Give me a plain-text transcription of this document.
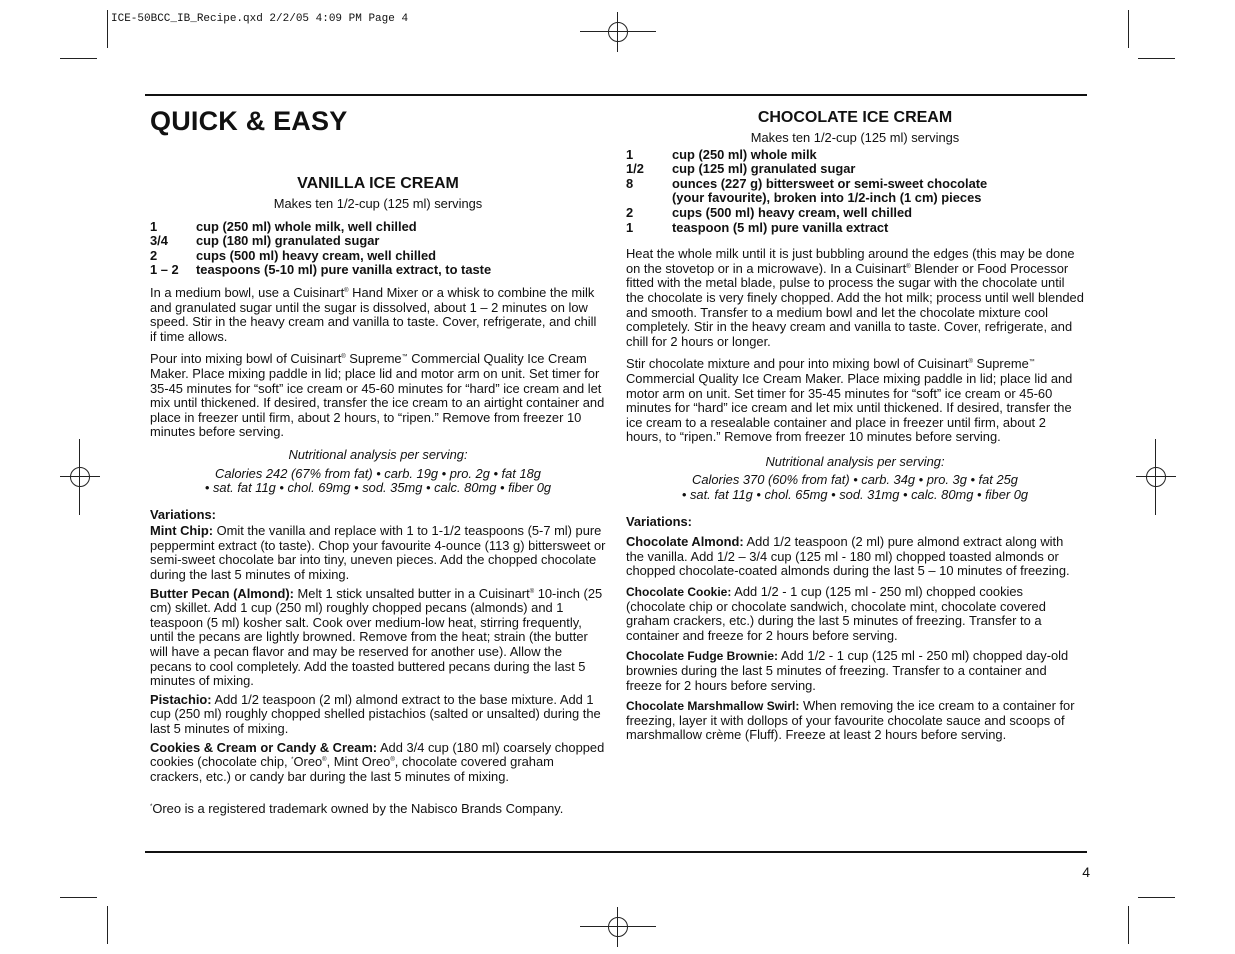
ICE-50BCC_IB_Recipe.qxd 2/2/05 4:09 PM Page 4
QUICK & EASY
VANILLA ICE CREAM
Makes ten 1/2-cup (125 ml) servings
1	cup (250 ml) whole milk, well chilled
3/4	cup (180 ml) granulated sugar
2	cups (500 ml) heavy cream, well chilled
1 – 2	teaspoons (5-10 ml) pure vanilla extract, to taste

In a medium bowl, use a Cuisinart® Hand Mixer or a whisk to combine the milk and granulated sugar until the sugar is dissolved, about 1 – 2 minutes on low speed. Stir in the heavy cream and vanilla to taste. Cover, refrigerate, and chill if time allows.

Pour into mixing bowl of Cuisinart® Supreme™ Commercial Quality Ice Cream Maker. Place mixing paddle in lid; place lid and motor arm on unit. Set timer for 35-45 minutes for “soft” ice cream or 45-60 minutes for “hard” ice cream and let mix until thickened. If desired, transfer the ice cream to an airtight container and place in freezer until firm, about 2 hours, to “ripen.” Remove from freezer 10 minutes before serving.

Nutritional analysis per serving:
Calories 242 (67% from fat) • carb. 19g • pro. 2g • fat 18g
• sat. fat 11g • chol. 69mg • sod. 35mg • calc. 80mg • fiber 0g
Variations:
Mint Chip: Omit the vanilla and replace with 1 to 1-1/2 teaspoons (5-7 ml) pure peppermint extract (to taste). Chop your favourite 4-ounce (113 g) bittersweet or semi-sweet chocolate bar into tiny, uneven pieces. Add the chopped chocolate during the last 5 minutes of mixing.
Butter Pecan (Almond): Melt 1 stick unsalted butter in a Cuisinart® 10-inch (25 cm) skillet. Add 1 cup (250 ml) roughly chopped pecans (almonds) and 1 teaspoon (5 ml) kosher salt. Cook over medium-low heat, stirring frequently, until the pecans are lightly browned. Remove from the heat; strain (the butter will have a pecan flavor and may be reserved for another use). Allow the pecans to cool completely. Add the toasted buttered pecans during the last 5 minutes of mixing.
Pistachio: Add 1/2 teaspoon (2 ml) almond extract to the base mixture. Add 1 cup (250 ml) roughly chopped shelled pistachios (salted or unsalted) during the last 5 minutes of mixing.
Cookies & Cream or Candy & Cream: Add 3/4 cup (180 ml) coarsely chopped cookies (chocolate chip, *Oreo®, Mint Oreo®, chocolate covered graham crackers, etc.) or candy bar during the last 5 minutes of mixing.
*Oreo is a registered trademark owned by the Nabisco Brands Company.
CHOCOLATE ICE CREAM
Makes ten 1/2-cup (125 ml) servings
1	cup (250 ml) whole milk
1/2	cup (125 ml) granulated sugar
8	ounces (227 g) bittersweet or semi-sweet chocolate (your favourite), broken into 1/2-inch (1 cm) pieces
2	cups (500 ml) heavy cream, well chilled
1	teaspoon (5 ml) pure vanilla extract

Heat the whole milk until it is just bubbling around the edges (this may be done on the stovetop or in a microwave). In a Cuisinart® Blender or Food Processor fitted with the metal blade, pulse to process the sugar with the chocolate until the chocolate is very finely chopped. Add the hot milk; process until well blended and smooth. Transfer to a medium bowl and let the chocolate mixture cool completely. Stir in the heavy cream and vanilla to taste. Cover, refrigerate, and chill for 2 hours or longer.

Stir chocolate mixture and pour into mixing bowl of Cuisinart® Supreme™ Commercial Quality Ice Cream Maker. Place mixing paddle in lid; place lid and motor arm on unit. Set timer for 35-45 minutes for “soft” ice cream or 45-60 minutes for “hard” ice cream and let mix until thickened. If desired, transfer the ice cream to a resealable container and place in freezer until firm, about 2 hours, to “ripen.” Remove from freezer 10 minutes before serving.

Nutritional analysis per serving:
Calories 370 (60% from fat) • carb. 34g • pro. 3g • fat 25g
• sat. fat 11g • chol. 65mg • sod. 31mg • calc. 80mg • fiber 0g
Variations:
Chocolate Almond: Add 1/2 teaspoon (2 ml) pure almond extract along with the vanilla. Add 1/2 – 3/4 cup (125 ml - 180 ml) chopped toasted almonds or chopped chocolate-coated almonds during the last 5 – 10 minutes of freezing.
Chocolate Cookie: Add 1/2 - 1 cup (125 ml - 250 ml) chopped cookies (chocolate chip or chocolate sandwich, chocolate mint, chocolate covered graham crackers, etc.) during the last 5 minutes of freezing. Transfer to a container and freeze for 2 hours before serving.
Chocolate Fudge Brownie: Add 1/2 - 1 cup (125 ml - 250 ml) chopped day-old brownies during the last 5 minutes of freezing. Transfer to a container and freeze for 2 hours before serving.
Chocolate Marshmallow Swirl: When removing the ice cream to a container for freezing, layer it with dollops of your favourite chocolate sauce and scoops of marshmallow crème (Fluff). Freeze at least 2 hours before serving.
4
